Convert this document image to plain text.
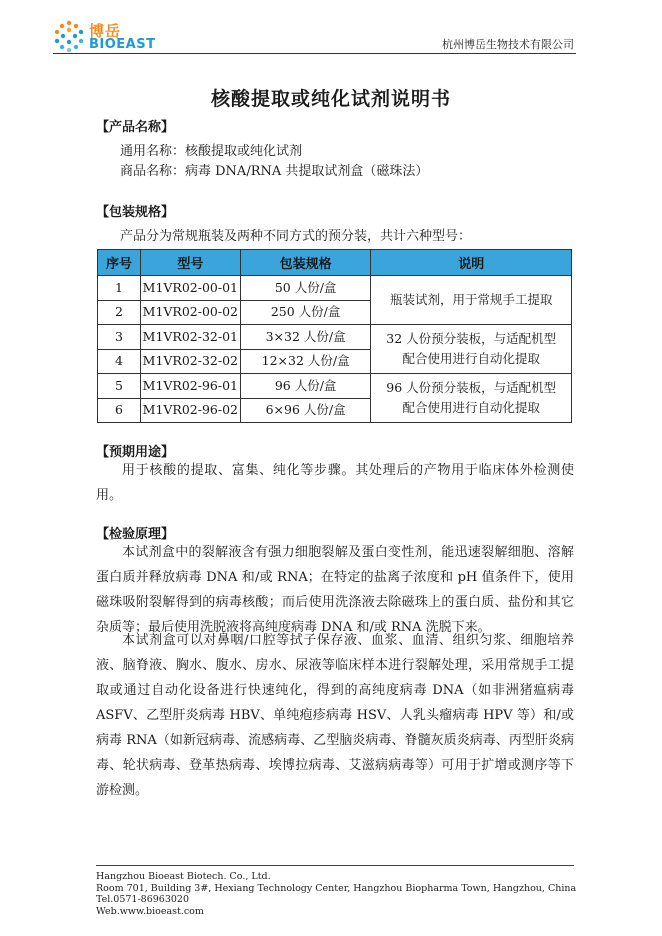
博岳
BIOEAST	杭州博岳生物技术有限公司
核酸提取或纯化试剂说明书
【产品名称】
通用名称：核酸提取或纯化试剂
商品名称：病毒 DNA/RNA 共提取试剂盒（磁珠法）
【包装规格】
产品分为常规瓶装及两种不同方式的预分装，共计六种型号：
序号	型号	包装规格	说明
1	M1VR02-00-01	50 人份/盒	瓶装试剂，用于常规手工提取
2	M1VR02-00-02	250 人份/盒	
3	M1VR02-32-01	3×32 人份/盒	32 人份预分装板，与适配机型配合使用进行自动化提取
4	M1VR02-32-02	12×32 人份/盒	
5	M1VR02-96-01	96 人份/盒	96 人份预分装板，与适配机型配合使用进行自动化提取
6	M1VR02-96-02	6×96 人份/盒	
【预期用途】
用于核酸的提取、富集、纯化等步骤。其处理后的产物用于临床体外检测使用。
【检验原理】
本试剂盒中的裂解液含有强力细胞裂解及蛋白变性剂，能迅速裂解细胞、溶解蛋白质并释放病毒 DNA 和/或 RNA；在特定的盐离子浓度和 pH 值条件下，使用磁珠吸附裂解得到的病毒核酸；而后使用洗涤液去除磁珠上的蛋白质、盐份和其它杂质等；最后使用洗脱液将高纯度病毒 DNA 和/或 RNA 洗脱下来。
本试剂盒可以对鼻咽/口腔等拭子保存液、血浆、血清、组织匀浆、细胞培养液、脑脊液、胸水、腹水、房水、尿液等临床样本进行裂解处理，采用常规手工提取或通过自动化设备进行快速纯化，得到的高纯度病毒 DNA（如非洲猪瘟病毒 ASFV、乙型肝炎病毒 HBV、单纯疱疹病毒 HSV、人乳头瘤病毒 HPV 等）和/或病毒 RNA（如新冠病毒、流感病毒、乙型脑炎病毒、脊髓灰质炎病毒、丙型肝炎病毒、轮状病毒、登革热病毒、埃博拉病毒、艾滋病病毒等）可用于扩增或测序等下游检测。
Hangzhou Bioeast Biotech. Co., Ltd.
Room 701, Building 3#, Hexiang Technology Center, Hangzhou Biopharma Town, Hangzhou, China
Tel.0571-86963020
Web.www.bioeast.com
